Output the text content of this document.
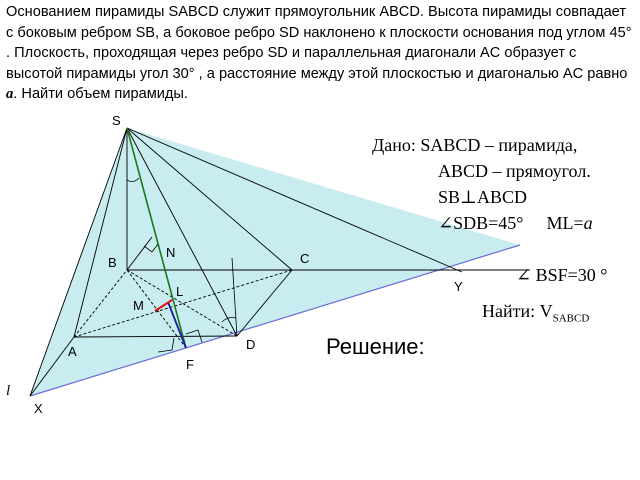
Основанием пирамиды SABCD служит прямоугольник ABCD. Высота пирамиды совпадает с боковым ребром SB, а боковое ребро SD наклонено к плоскости основания под углом 45° . Плоскость, проходящая через ребро SD и параллельная диагонали AC образует с высотой пирамиды угол 30° , а расстояние между этой плоскостью и диагональю AC равно a. Найти объем пирамиды.
S
B
N	C
Y
L
M
A	D
F
l
X
Дано: SABCD – пирамида,
ABCD – прямоугол.
SB⊥ABCD
∠SDB=45° ML=a
∠ BSF=30 °
Найти: $V_{SABCD}$
Решение:
